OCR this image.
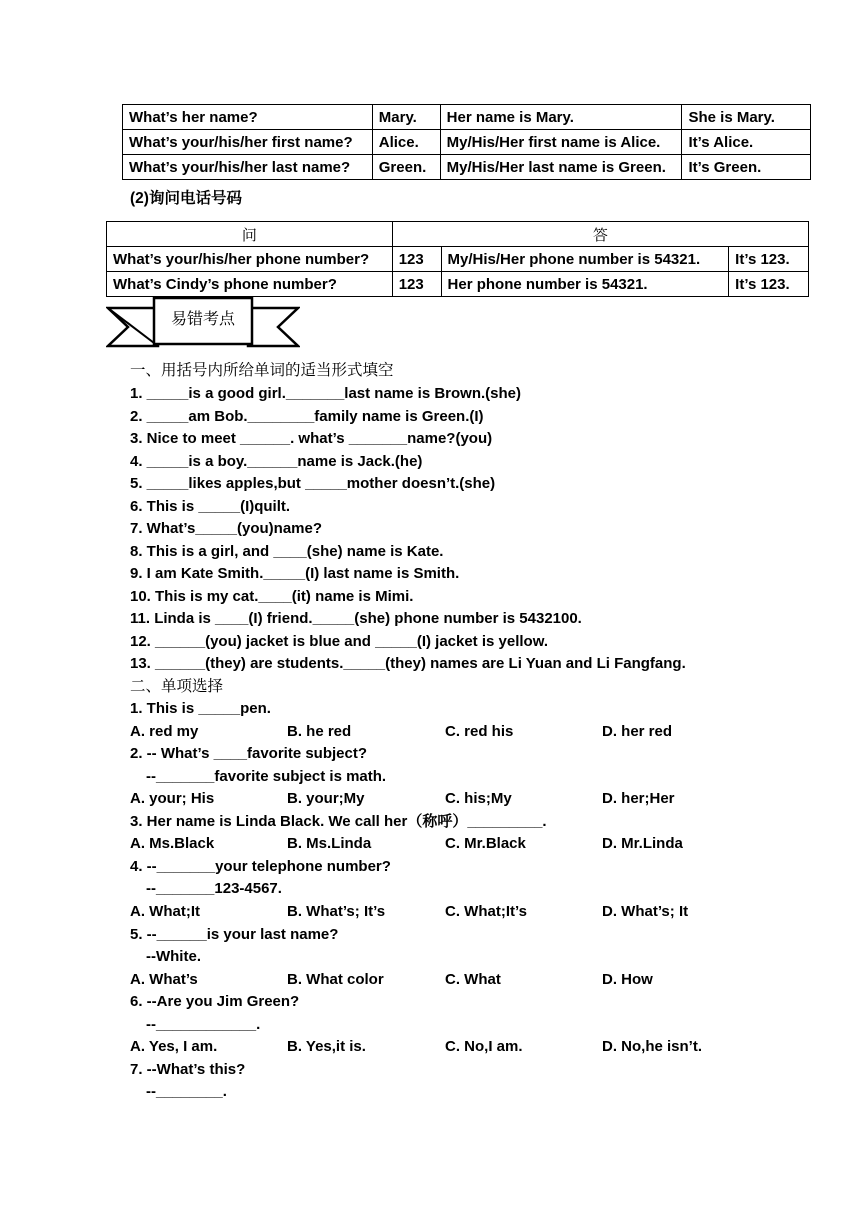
What’s her name?	Mary.	Her name is Mary.	She is Mary.
What’s your/his/her first name?	Alice.	My/His/Her first name is Alice.	It’s Alice.
What’s your/his/her last name?	Green.	My/His/Her last name is Green.	It’s Green.
(2)询问电话号码
问	答		
What’s your/his/her phone number?	123	My/His/Her phone number is 54321.	It’s 123.
What’s Cindy’s phone number?	123	Her phone number is 54321.	It’s 123.
易错考点
一、用括号内所给单词的适当形式填空
1. _____is a good girl._______last name is Brown.(she)
2. _____am Bob.________family name is Green.(I)
3. Nice to meet ______. what’s _______name?(you)
4. _____is a boy.______name is Jack.(he)
5. _____likes apples,but _____mother doesn’t.(she)
6. This is _____(I)quilt.
7. What’s_____(you)name?
8. This is a girl, and ____(she) name is Kate.
9. I am Kate Smith._____(I) last name is Smith.
10. This is my cat.____(it) name is Mimi.
11. Linda is ____(I) friend._____(she) phone number is 5432100.
12. ______(you) jacket is blue and _____(I) jacket is yellow.
13. ______(they) are students._____(they) names are Li Yuan and Li Fangfang.
二、单项选择
1. This is _____pen.
A. red my	B. he red	C. red his	D. her red
2. -- What’s ____favorite subject?
--_______favorite subject is math.
A. your; His	B. your;My	C. his;My	D. her;Her
3. Her name is Linda Black. We call her（称呼）_________.
A. Ms.Black	B. Ms.Linda	C. Mr.Black	D. Mr.Linda
4. --_______your telephone number?
--_______123-4567.
A. What;It	B. What’s; It’s	C. What;It’s	D. What’s; It
5. --______is your last name?
--White.
A. What’s	B. What color	C. What	D. How
6. --Are you Jim Green?
--____________.
A. Yes, I am.	B. Yes,it is.	C. No,I am.	D. No,he isn’t.
7. --What’s this?
--________.
